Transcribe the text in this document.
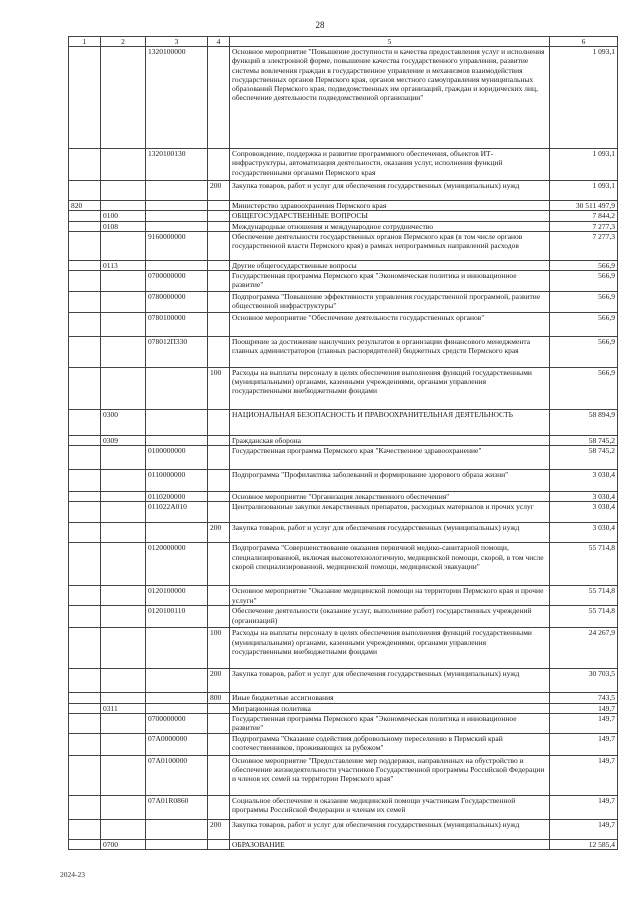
28
1	2	3	4	5	6
		1320100000		Основное мероприятие "Повышение доступности и качества предоставления услуг и исполнения функций в электронной форме, повышение качества государственного управления, развитие системы вовлечения граждан в государственное управление и механизмов взаимодействия государственных органов Пермского края, органов местного самоуправления муниципальных образований Пермского края, подведомственных им организаций, граждан и юридических лиц, обеспечение деятельности подведомственной организации"	1 093,1
		1320100130		Сопровождение, поддержка и развитие программного обеспечения, объектов ИТ-инфраструктуры, автоматизация деятельности, оказания услуг, исполнения функций государственными органами Пермского края	1 093,1
			200	Закупка товаров, работ и услуг для обеспечения государственных (муниципальных) нужд	1 093,1
820				Министерство здравоохранения Пермского края	30 511 497,9
	0100			ОБЩЕГОСУДАРСТВЕННЫЕ ВОПРОСЫ	7 844,2
	0108			Международные отношения и международное сотрудничество	7 277,3
		9160000000		Обеспечение деятельности государственных органов Пермского края (в том числе органов государственной власти Пермского края) в рамках непрограммных направлений расходов	7 277,3
	0113			Другие общегосударственные вопросы	566,9
		0700000000		Государственная программа Пермского края "Экономическая политика и инновационное развитие"	566,9
		0780000000		Подпрограмма "Повышение эффективности управления государственной программой, развитие общественной инфраструктуры"	566,9
		0780100000		Основное мероприятие "Обеспечение деятельности государственных органов"	566,9
		078012П330		Поощрение за достижение наилучших результатов в организации финансового менеджмента главных администраторов (главных распорядителей) бюджетных средств Пермского края	566,9
			100	Расходы на выплаты персоналу в целях обеспечения выполнения функций государственными (муниципальными) органами, казенными учреждениями, органами управления государственными внебюджетными фондами	566,9
	0300			НАЦИОНАЛЬНАЯ БЕЗОПАСНОСТЬ И ПРАВООХРАНИТЕЛЬНАЯ ДЕЯТЕЛЬНОСТЬ	58 894,9
	0309			Гражданская оборона	58 745,2
		0100000000		Государственная программа Пермского края "Качественное здравоохранение"	58 745,2
		0110000000		Подпрограмма "Профилактика заболеваний и формирование здорового образа жизни"	3 030,4
		0110200000		Основное мероприятие "Организация лекарственного обеспечения"	3 030,4
		011022А010		Централизованные закупки лекарственных препаратов, расходных материалов и прочих услуг	3 030,4
			200	Закупка товаров, работ и услуг для обеспечения государственных (муниципальных) нужд	3 030,4
		0120000000		Подпрограмма "Совершенствование оказания первичной медико-санитарной помощи, специализированной, включая высокотехнологичную, медицинской помощи, скорой, в том числе скорой специализированной, медицинской помощи, медицинской эвакуации"	55 714,8
		0120100000		Основное мероприятие "Оказание медицинской помощи на территории Пермского края и прочие услуги"	55 714,8
		0120100110		Обеспечение деятельности (оказание услуг, выполнение работ) государственных учреждений (организаций)	55 714,8
			100	Расходы на выплаты персоналу в целях обеспечения выполнения функций государственными (муниципальными) органами, казенными учреждениями, органами управления государственными внебюджетными фондами	24 267,9
			200	Закупка товаров, работ и услуг для обеспечения государственных (муниципальных) нужд	30 703,5
			800	Иные бюджетные ассигнования	743,5
	0311			Миграционная политика	149,7
		0700000000		Государственная программа Пермского края "Экономическая политика и инновационное развитие"	149,7
		07А0000000		Подпрограмма "Оказание содействия добровольному переселению в Пермский край соотечественников, проживающих за рубежом"	149,7
		07А0100000		Основное мероприятие "Предоставление мер поддержки, направленных на обустройство и обеспечение жизнедеятельности участников Государственной программы Российской Федерации и членов их семей на территории Пермского края"	149,7
		07А01R0860		Социальное обеспечение и оказание медицинской помощи участникам Государственной программы Российской Федерации и членам их семей	149,7
			200	Закупка товаров, работ и услуг для обеспечения государственных (муниципальных) нужд	149,7
	0700			ОБРАЗОВАНИЕ	12 585,4
2024-23
